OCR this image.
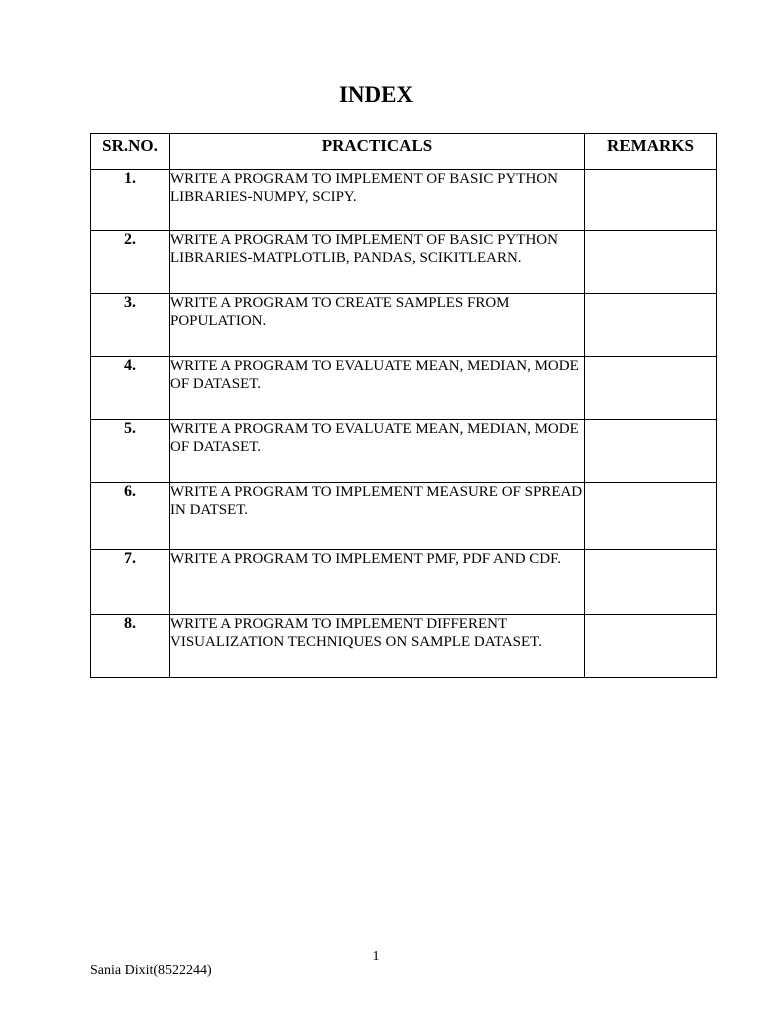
INDEX
SR.NO.	PRACTICALS	REMARKS
1.	WRITE A PROGRAM TO IMPLEMENT OF BASIC PYTHON LIBRARIES-NUMPY, SCIPY.	
2.	WRITE A PROGRAM TO IMPLEMENT OF BASIC PYTHON LIBRARIES-MATPLOTLIB, PANDAS, SCIKITLEARN.	
3.	WRITE A PROGRAM TO CREATE SAMPLES FROM POPULATION.	
4.	WRITE A PROGRAM TO EVALUATE MEAN, MEDIAN, MODE OF DATASET.	
5.	WRITE A PROGRAM TO EVALUATE MEAN, MEDIAN, MODE OF DATASET.	
6.	WRITE A PROGRAM TO IMPLEMENT MEASURE OF SPREAD IN DATSET.	
7.	WRITE A PROGRAM TO IMPLEMENT PMF, PDF AND CDF.	
8.	WRITE A PROGRAM TO IMPLEMENT DIFFERENT VISUALIZATION TECHNIQUES ON SAMPLE DATASET.	
1
Sania Dixit(8522244)
